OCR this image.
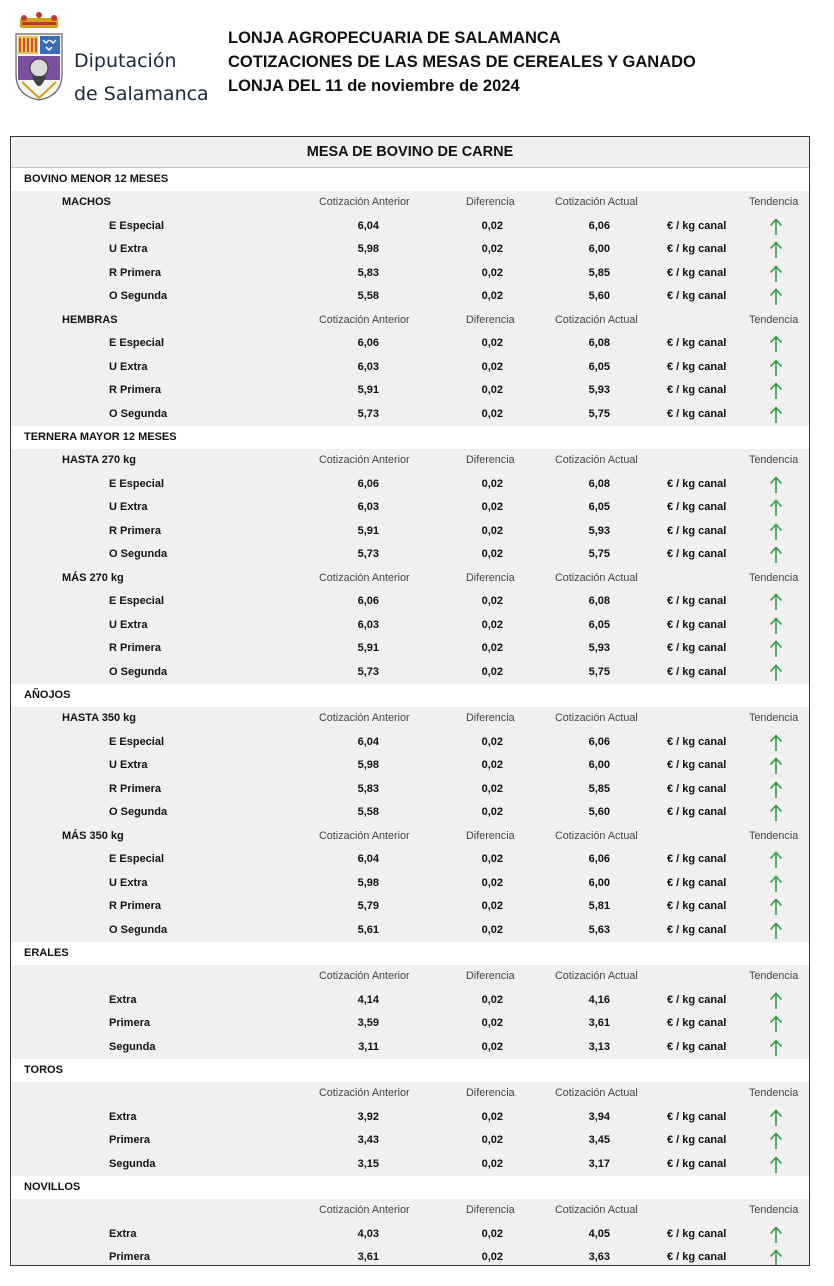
Diputación
de Salamanca
LONJA AGROPECUARIA DE SALAMANCA
COTIZACIONES DE LAS MESAS DE CEREALES Y GANADO
LONJA DEL 11 de noviembre de 2024
MESA DE BOVINO DE CARNE
BOVINO MENOR 12 MESES
MACHOS	Cotización Anterior	Diferencia	Cotización Actual	Tendencia
E Especial	6,04	0,02	6,06	€ / kg canal
U Extra	5,98	0,02	6,00	€ / kg canal
R Primera	5,83	0,02	5,85	€ / kg canal
O Segunda	5,58	0,02	5,60	€ / kg canal
HEMBRAS	Cotización Anterior	Diferencia	Cotización Actual	Tendencia
E Especial	6,06	0,02	6,08	€ / kg canal
U Extra	6,03	0,02	6,05	€ / kg canal
R Primera	5,91	0,02	5,93	€ / kg canal
O Segunda	5,73	0,02	5,75	€ / kg canal
TERNERA MAYOR 12 MESES
HASTA 270 kg	Cotización Anterior	Diferencia	Cotización Actual	Tendencia
E Especial	6,06	0,02	6,08	€ / kg canal
U Extra	6,03	0,02	6,05	€ / kg canal
R Primera	5,91	0,02	5,93	€ / kg canal
O Segunda	5,73	0,02	5,75	€ / kg canal
MÁS 270 kg	Cotización Anterior	Diferencia	Cotización Actual	Tendencia
E Especial	6,06	0,02	6,08	€ / kg canal
U Extra	6,03	0,02	6,05	€ / kg canal
R Primera	5,91	0,02	5,93	€ / kg canal
O Segunda	5,73	0,02	5,75	€ / kg canal
AÑOJOS
HASTA 350 kg	Cotización Anterior	Diferencia	Cotización Actual	Tendencia
E Especial	6,04	0,02	6,06	€ / kg canal
U Extra	5,98	0,02	6,00	€ / kg canal
R Primera	5,83	0,02	5,85	€ / kg canal
O Segunda	5,58	0,02	5,60	€ / kg canal
MÁS 350 kg	Cotización Anterior	Diferencia	Cotización Actual	Tendencia
E Especial	6,04	0,02	6,06	€ / kg canal
U Extra	5,98	0,02	6,00	€ / kg canal
R Primera	5,79	0,02	5,81	€ / kg canal
O Segunda	5,61	0,02	5,63	€ / kg canal
ERALES
Cotización Anterior	Diferencia	Cotización Actual	Tendencia
Extra	4,14	0,02	4,16	€ / kg canal
Primera	3,59	0,02	3,61	€ / kg canal
Segunda	3,11	0,02	3,13	€ / kg canal
TOROS
Cotización Anterior	Diferencia	Cotización Actual	Tendencia
Extra	3,92	0,02	3,94	€ / kg canal
Primera	3,43	0,02	3,45	€ / kg canal
Segunda	3,15	0,02	3,17	€ / kg canal
NOVILLOS
Cotización Anterior	Diferencia	Cotización Actual	Tendencia
Extra	4,03	0,02	4,05	€ / kg canal
Primera	3,61	0,02	3,63	€ / kg canal
